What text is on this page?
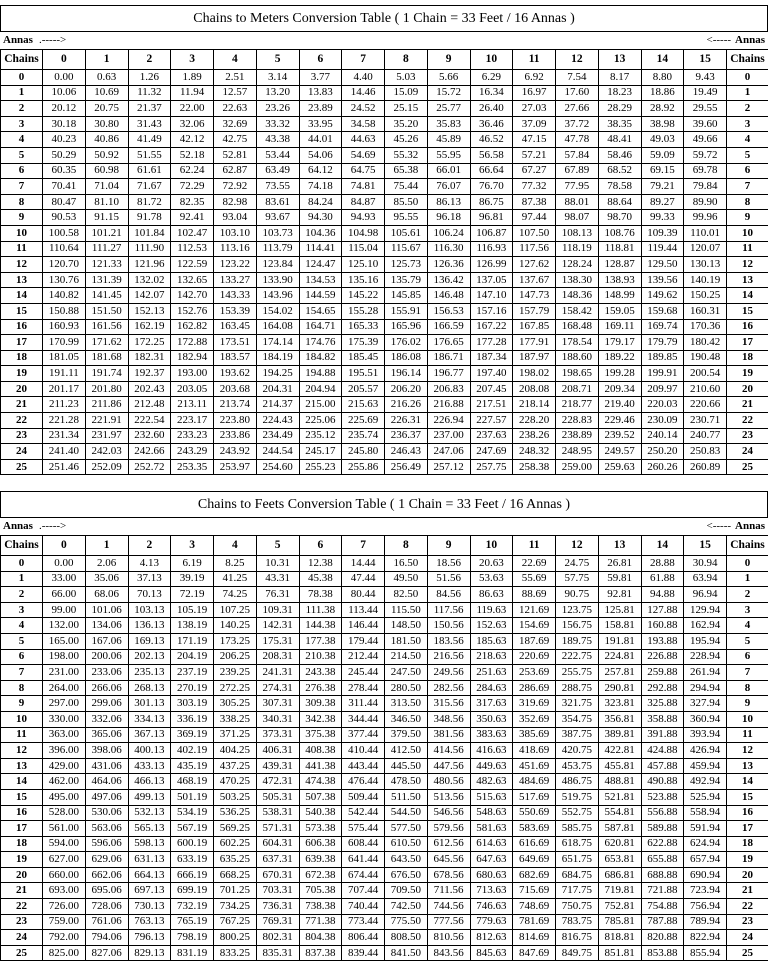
Chains to Meters Conversion Table ( 1 Chain = 33 Feet / 16 Annas )
Annas .----->	<----- Annas
Chains	0	1	2	3	4	5	6	7	8	9	10	11	12	13	14	15	Chains
0	0.00	0.63	1.26	1.89	2.51	3.14	3.77	4.40	5.03	5.66	6.29	6.92	7.54	8.17	8.80	9.43	0
1	10.06	10.69	11.32	11.94	12.57	13.20	13.83	14.46	15.09	15.72	16.34	16.97	17.60	18.23	18.86	19.49	1
2	20.12	20.75	21.37	22.00	22.63	23.26	23.89	24.52	25.15	25.77	26.40	27.03	27.66	28.29	28.92	29.55	2
3	30.18	30.80	31.43	32.06	32.69	33.32	33.95	34.58	35.20	35.83	36.46	37.09	37.72	38.35	38.98	39.60	3
4	40.23	40.86	41.49	42.12	42.75	43.38	44.01	44.63	45.26	45.89	46.52	47.15	47.78	48.41	49.03	49.66	4
5	50.29	50.92	51.55	52.18	52.81	53.44	54.06	54.69	55.32	55.95	56.58	57.21	57.84	58.46	59.09	59.72	5
6	60.35	60.98	61.61	62.24	62.87	63.49	64.12	64.75	65.38	66.01	66.64	67.27	67.89	68.52	69.15	69.78	6
7	70.41	71.04	71.67	72.29	72.92	73.55	74.18	74.81	75.44	76.07	76.70	77.32	77.95	78.58	79.21	79.84	7
8	80.47	81.10	81.72	82.35	82.98	83.61	84.24	84.87	85.50	86.13	86.75	87.38	88.01	88.64	89.27	89.90	8
9	90.53	91.15	91.78	92.41	93.04	93.67	94.30	94.93	95.55	96.18	96.81	97.44	98.07	98.70	99.33	99.96	9
10	100.58	101.21	101.84	102.47	103.10	103.73	104.36	104.98	105.61	106.24	106.87	107.50	108.13	108.76	109.39	110.01	10
11	110.64	111.27	111.90	112.53	113.16	113.79	114.41	115.04	115.67	116.30	116.93	117.56	118.19	118.81	119.44	120.07	11
12	120.70	121.33	121.96	122.59	123.22	123.84	124.47	125.10	125.73	126.36	126.99	127.62	128.24	128.87	129.50	130.13	12
13	130.76	131.39	132.02	132.65	133.27	133.90	134.53	135.16	135.79	136.42	137.05	137.67	138.30	138.93	139.56	140.19	13
14	140.82	141.45	142.07	142.70	143.33	143.96	144.59	145.22	145.85	146.48	147.10	147.73	148.36	148.99	149.62	150.25	14
15	150.88	151.50	152.13	152.76	153.39	154.02	154.65	155.28	155.91	156.53	157.16	157.79	158.42	159.05	159.68	160.31	15
16	160.93	161.56	162.19	162.82	163.45	164.08	164.71	165.33	165.96	166.59	167.22	167.85	168.48	169.11	169.74	170.36	16
17	170.99	171.62	172.25	172.88	173.51	174.14	174.76	175.39	176.02	176.65	177.28	177.91	178.54	179.17	179.79	180.42	17
18	181.05	181.68	182.31	182.94	183.57	184.19	184.82	185.45	186.08	186.71	187.34	187.97	188.60	189.22	189.85	190.48	18
19	191.11	191.74	192.37	193.00	193.62	194.25	194.88	195.51	196.14	196.77	197.40	198.02	198.65	199.28	199.91	200.54	19
20	201.17	201.80	202.43	203.05	203.68	204.31	204.94	205.57	206.20	206.83	207.45	208.08	208.71	209.34	209.97	210.60	20
21	211.23	211.86	212.48	213.11	213.74	214.37	215.00	215.63	216.26	216.88	217.51	218.14	218.77	219.40	220.03	220.66	21
22	221.28	221.91	222.54	223.17	223.80	224.43	225.06	225.69	226.31	226.94	227.57	228.20	228.83	229.46	230.09	230.71	22
23	231.34	231.97	232.60	233.23	233.86	234.49	235.12	235.74	236.37	237.00	237.63	238.26	238.89	239.52	240.14	240.77	23
24	241.40	242.03	242.66	243.29	243.92	244.54	245.17	245.80	246.43	247.06	247.69	248.32	248.95	249.57	250.20	250.83	24
25	251.46	252.09	252.72	253.35	253.97	254.60	255.23	255.86	256.49	257.12	257.75	258.38	259.00	259.63	260.26	260.89	25
Chains to Feets Conversion Table ( 1 Chain = 33 Feet / 16 Annas )
Annas .----->	<----- Annas
Chains	0	1	2	3	4	5	6	7	8	9	10	11	12	13	14	15	Chains
0	0.00	2.06	4.13	6.19	8.25	10.31	12.38	14.44	16.50	18.56	20.63	22.69	24.75	26.81	28.88	30.94	0
1	33.00	35.06	37.13	39.19	41.25	43.31	45.38	47.44	49.50	51.56	53.63	55.69	57.75	59.81	61.88	63.94	1
2	66.00	68.06	70.13	72.19	74.25	76.31	78.38	80.44	82.50	84.56	86.63	88.69	90.75	92.81	94.88	96.94	2
3	99.00	101.06	103.13	105.19	107.25	109.31	111.38	113.44	115.50	117.56	119.63	121.69	123.75	125.81	127.88	129.94	3
4	132.00	134.06	136.13	138.19	140.25	142.31	144.38	146.44	148.50	150.56	152.63	154.69	156.75	158.81	160.88	162.94	4
5	165.00	167.06	169.13	171.19	173.25	175.31	177.38	179.44	181.50	183.56	185.63	187.69	189.75	191.81	193.88	195.94	5
6	198.00	200.06	202.13	204.19	206.25	208.31	210.38	212.44	214.50	216.56	218.63	220.69	222.75	224.81	226.88	228.94	6
7	231.00	233.06	235.13	237.19	239.25	241.31	243.38	245.44	247.50	249.56	251.63	253.69	255.75	257.81	259.88	261.94	7
8	264.00	266.06	268.13	270.19	272.25	274.31	276.38	278.44	280.50	282.56	284.63	286.69	288.75	290.81	292.88	294.94	8
9	297.00	299.06	301.13	303.19	305.25	307.31	309.38	311.44	313.50	315.56	317.63	319.69	321.75	323.81	325.88	327.94	9
10	330.00	332.06	334.13	336.19	338.25	340.31	342.38	344.44	346.50	348.56	350.63	352.69	354.75	356.81	358.88	360.94	10
11	363.00	365.06	367.13	369.19	371.25	373.31	375.38	377.44	379.50	381.56	383.63	385.69	387.75	389.81	391.88	393.94	11
12	396.00	398.06	400.13	402.19	404.25	406.31	408.38	410.44	412.50	414.56	416.63	418.69	420.75	422.81	424.88	426.94	12
13	429.00	431.06	433.13	435.19	437.25	439.31	441.38	443.44	445.50	447.56	449.63	451.69	453.75	455.81	457.88	459.94	13
14	462.00	464.06	466.13	468.19	470.25	472.31	474.38	476.44	478.50	480.56	482.63	484.69	486.75	488.81	490.88	492.94	14
15	495.00	497.06	499.13	501.19	503.25	505.31	507.38	509.44	511.50	513.56	515.63	517.69	519.75	521.81	523.88	525.94	15
16	528.00	530.06	532.13	534.19	536.25	538.31	540.38	542.44	544.50	546.56	548.63	550.69	552.75	554.81	556.88	558.94	16
17	561.00	563.06	565.13	567.19	569.25	571.31	573.38	575.44	577.50	579.56	581.63	583.69	585.75	587.81	589.88	591.94	17
18	594.00	596.06	598.13	600.19	602.25	604.31	606.38	608.44	610.50	612.56	614.63	616.69	618.75	620.81	622.88	624.94	18
19	627.00	629.06	631.13	633.19	635.25	637.31	639.38	641.44	643.50	645.56	647.63	649.69	651.75	653.81	655.88	657.94	19
20	660.00	662.06	664.13	666.19	668.25	670.31	672.38	674.44	676.50	678.56	680.63	682.69	684.75	686.81	688.88	690.94	20
21	693.00	695.06	697.13	699.19	701.25	703.31	705.38	707.44	709.50	711.56	713.63	715.69	717.75	719.81	721.88	723.94	21
22	726.00	728.06	730.13	732.19	734.25	736.31	738.38	740.44	742.50	744.56	746.63	748.69	750.75	752.81	754.88	756.94	22
23	759.00	761.06	763.13	765.19	767.25	769.31	771.38	773.44	775.50	777.56	779.63	781.69	783.75	785.81	787.88	789.94	23
24	792.00	794.06	796.13	798.19	800.25	802.31	804.38	806.44	808.50	810.56	812.63	814.69	816.75	818.81	820.88	822.94	24
25	825.00	827.06	829.13	831.19	833.25	835.31	837.38	839.44	841.50	843.56	845.63	847.69	849.75	851.81	853.88	855.94	25
